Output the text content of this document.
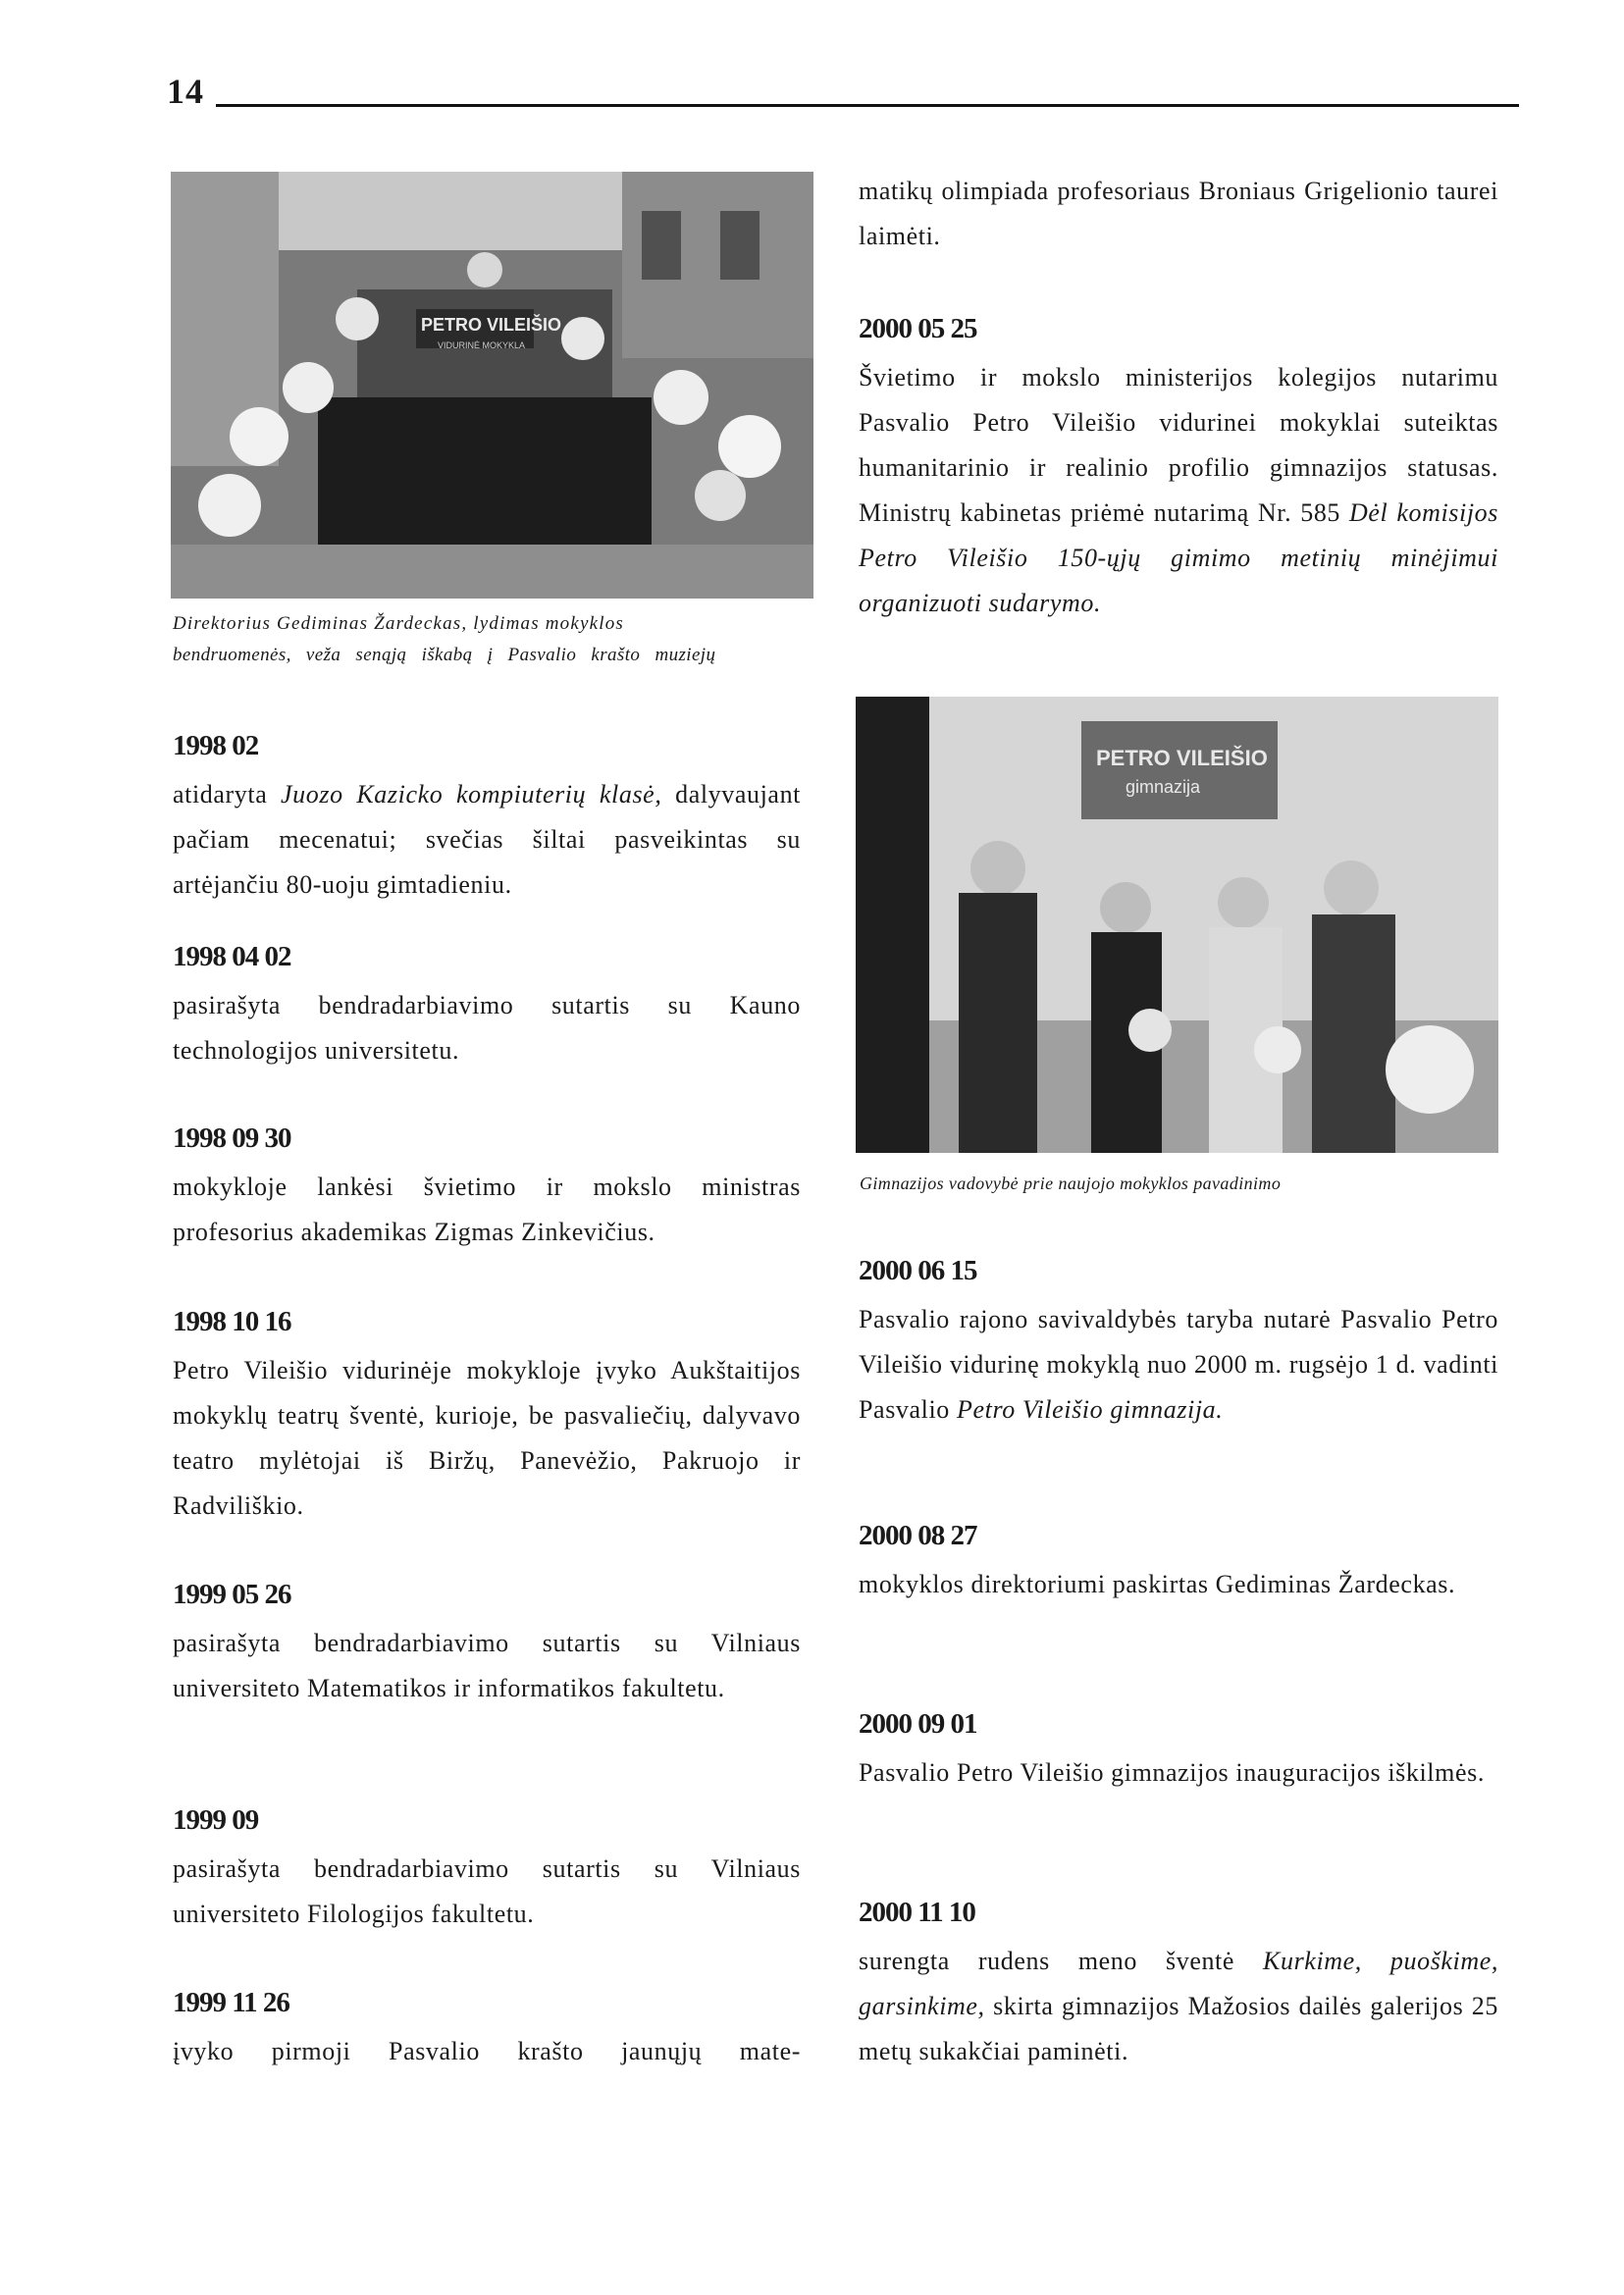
14
PETRO VILEIŠIO
VIDURINĖ MOKYKLA
Direktorius Gediminas Žardeckas, lydimas mokyklos
bendruomenės, veža senąją iškabą į Pasvalio krašto muziejų
PETRO VILEIŠIO
gimnazija
Gimnazijos vadovybė prie naujojo mokyklos pavadinimo
matikų olimpiada profesoriaus Broniaus Grigelionio taurei laimėti.
2000 05 25
Švietimo ir mokslo ministerijos kolegijos nutarimu Pasvalio Petro Vileišio vidurinei mokyklai suteiktas humanitarinio ir realinio profilio gimnazijos statusas. Ministrų kabinetas priėmė nutarimą Nr. 585 Dėl komisijos Petro Vileišio 150-ųjų gimimo metinių minėjimui organizuoti sudarymo.
2000 06 15
Pasvalio rajono savivaldybės taryba nutarė Pasvalio Petro Vileišio vidurinę mokyklą nuo 2000 m. rugsėjo 1 d. vadinti Pasvalio Petro Vileišio gimnazija.
2000 08 27
mokyklos direktoriumi paskirtas Gediminas Žardeckas.
2000 09 01
Pasvalio Petro Vileišio gimnazijos inauguracijos iškilmės.
2000 11 10
surengta rudens meno šventė Kurkime, puoškime, garsinkime, skirta gimnazijos Mažosios dailės galerijos 25 metų sukakčiai paminėti.
1998 02
atidaryta Juozo Kazicko kompiuterių klasė, dalyvaujant pačiam mecenatui; svečias šiltai pasveikintas su artėjančiu 80-uoju gimtadieniu.
1998 04 02
pasirašyta bendradarbiavimo sutartis su Kauno technologijos universitetu.
1998 09 30
mokykloje lankėsi švietimo ir mokslo ministras profesorius akademikas Zigmas Zinkevičius.
1998 10 16
Petro Vileišio vidurinėje mokykloje įvyko Aukštaitijos mokyklų teatrų šventė, kurioje, be pasvaliečių, dalyvavo teatro mylėtojai iš Biržų, Panevėžio, Pakruojo ir Radviliškio.
1999 05 26
pasirašyta bendradarbiavimo sutartis su Vilniaus universiteto Matematikos ir informatikos fakultetu.
1999 09
pasirašyta bendradarbiavimo sutartis su Vilniaus universiteto Filologijos fakultetu.
1999 11 26
įvyko pirmoji Pasvalio krašto jaunųjų mate-
